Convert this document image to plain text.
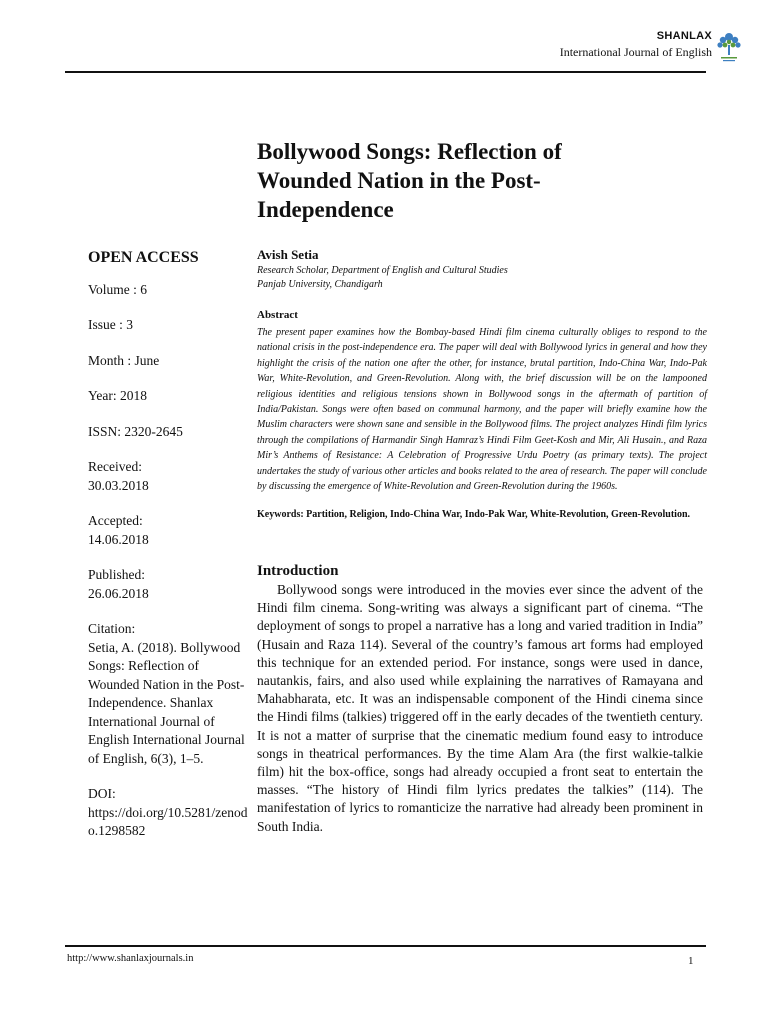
SHANLAX
International Journal of English
Bollywood Songs: Reflection of Wounded Nation in the Post-Independence
OPEN ACCESS
Volume : 6
Issue : 3
Month : June
Year: 2018
ISSN: 2320-2645
Received:
30.03.2018
Accepted:
14.06.2018
Published:
26.06.2018
Citation:
Setia, A. (2018). Bollywood Songs: Reflection of Wounded Nation in the Post-Independence. Shanlax International Journal of English International Journal of English, 6(3), 1–5.
DOI:
https://doi.org/10.5281/zenodo.1298582
Avish Setia
Research Scholar, Department of English and Cultural Studies
Panjab University, Chandigarh
Abstract
The present paper examines how the Bombay-based Hindi film cinema culturally obliges to respond to the national crisis in the post-independence era. The paper will deal with Bollywood lyrics in general and how they highlight the crisis of the nation one after the other, for instance, brutal partition, Indo-China War, Indo-Pak War, White-Revolution, and Green-Revolution. Along with, the brief discussion will be on the lampooned religious identities and religious tensions shown in Bollywood songs in the aftermath of partition of India/Pakistan. Songs were often based on communal harmony, and the paper will briefly examine how the Muslim characters were shown sane and sensible in the Bollywood films. The project analyzes Hindi film lyrics through the compilations of Harmandir Singh Hamraz’s Hindi Film Geet-Kosh and Mir, Ali Husain., and Raza Mir’s Anthems of Resistance: A Celebration of Progressive Urdu Poetry (as primary texts). The project undertakes the study of various other articles and books related to the area of research. The paper will conclude by discussing the emergence of White-Revolution and Green-Revolution during the 1960s.
Keywords: Partition, Religion, Indo-China War, Indo-Pak War, White-Revolution, Green-Revolution.
Introduction
Bollywood songs were introduced in the movies ever since the advent of the Hindi film cinema. Song-writing was always a significant part of cinema. “The deployment of songs to propel a narrative has a long and varied tradition in India” (Husain and Raza 114). Several of the country’s famous art forms had employed this technique for an extended period. For instance, songs were used in dance, nautankis, fairs, and also used while explaining the narratives of Ramayana and Mahabharata, etc. It was an indispensable component of the Hindi cinema since the Hindi films (talkies) triggered off in the early decades of the twentieth century. It is not a matter of surprise that the cinematic medium found easy to introduce songs in theatrical performances. By the time Alam Ara (the first walkie-talkie film) hit the box-office, songs had already occupied a front seat to entertain the masses. “The history of Hindi film lyrics predates the talkies” (114). The manifestation of lyrics to romanticize the narrative had already been prominent in South India.
http://www.shanlaxjournals.in	1
